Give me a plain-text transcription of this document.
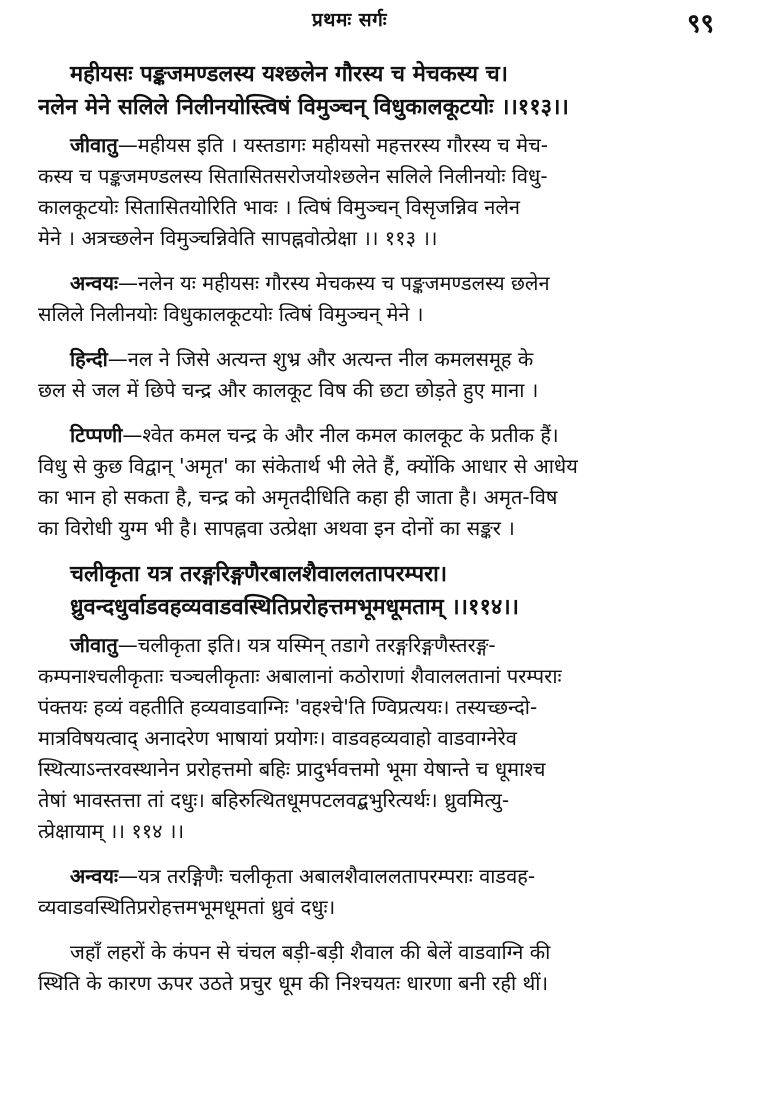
प्रथमः सर्गः	९९
महीयसः पङ्कजमण्डलस्य यश्छलेन गौरस्य च मेचकस्य च।
नलेन मेने सलिले निलीनयोस्त्विषं विमुञ्चन् विधुकालकूटयोः ।।११३।।
जीवातु—महीयस इति । यस्तडागः महीयसो महत्तरस्य गौरस्य च मेच-
कस्य च पङ्कजमण्डलस्य सितासितसरोजयोश्छलेन सलिले निलीनयोः विधु-
कालकूटयोः सितासितयोरिति भावः । त्विषं विमुञ्चन् विसृजन्निव नलेन
मेने । अत्रच्छलेन विमुञ्चन्निवेति सापह्नवोत्प्रेक्षा ।। ११३ ।।
अन्वयः—नलेन यः महीयसः गौरस्य मेचकस्य च पङ्कजमण्डलस्य छलेन
सलिले निलीनयोः विधुकालकूटयोः त्विषं विमुञ्चन् मेने ।
हिन्दी—नल ने जिसे अत्यन्त शुभ्र और अत्यन्त नील कमलसमूह के
छल से जल में छिपे चन्द्र और कालकूट विष की छटा छोड़ते हुए माना ।
टिप्पणी—श्वेत कमल चन्द्र के और नील कमल कालकूट के प्रतीक हैं।
विधु से कुछ विद्वान् 'अमृत' का संकेतार्थ भी लेते हैं, क्योंकि आधार से आधेय
का भान हो सकता है, चन्द्र को अमृतदीधिति कहा ही जाता है। अमृत-विष
का विरोधी युग्म भी है। सापह्नवा उत्प्रेक्षा अथवा इन दोनों का सङ्कर ।
चलीकृता यत्र तरङ्गरिङ्गणैरबालशैवाललतापरम्परा।
ध्रुवन्दधुर्वाडवहव्यवाडवस्थितिप्ररोहत्तमभूमधूमताम् ।।११४।।
जीवातु—चलीकृता इति। यत्र यस्मिन् तडागे तरङ्गरिङ्गणैस्तरङ्ग-
कम्पनाश्चलीकृताः चञ्चलीकृताः अबालानां कठोराणां शैवाललतानां परम्पराः
पंक्तयः हव्यं वहतीति हव्यवाडवाग्निः 'वहश्चे'ति ण्विप्रत्ययः। तस्यच्छन्दो-
मात्रविषयत्वाद् अनादरेण भाषायां प्रयोगः। वाडवहव्यवाहो वाडवाग्नेरेव
स्थित्याऽन्तरवस्थानेन प्ररोहत्तमो बहिः प्रादुर्भवत्तमो भूमा येषान्ते च धूमाश्च
तेषां भावस्तत्ता तां दधुः। बहिरुत्थितधूमपटलवद्बभुरित्यर्थः। ध्रुवमित्यु-
त्प्रेक्षायाम् ।। ११४ ।।
अन्वयः—यत्र तरङ्गिणैः चलीकृता अबालशैवाललतापरम्पराः वाडवह-
व्यवाडवस्थितिप्ररोहत्तमभूमधूमतां ध्रुवं दधुः।
जहाँ लहरों के कंपन से चंचल बड़ी-बड़ी शैवाल की बेलें वाडवाग्नि की
स्थिति के कारण ऊपर उठते प्रचुर धूम की निश्चयतः धारणा बनी रही थीं।
